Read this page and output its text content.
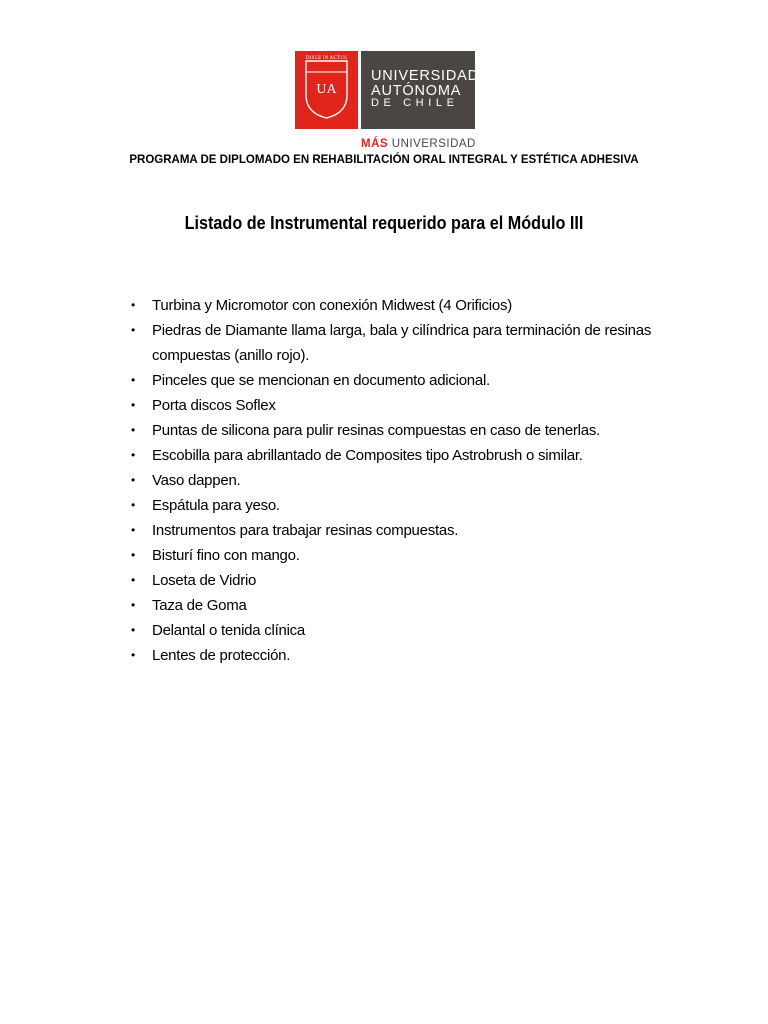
DISCE IN ACTUS
UA
UNIVERSIDAD
AUTÓNOMA
DE CHILE
MÁS UNIVERSIDAD
PROGRAMA DE DIPLOMADO EN REHABILITACIÓN ORAL INTEGRAL Y ESTÉTICA ADHESIVA
Listado de Instrumental requerido para el Módulo III
• Turbina y Micromotor con conexión Midwest (4 Orificios)
• Piedras de Diamante llama larga, bala y cilíndrica para terminación de resinas
compuestas (anillo rojo).
• Pinceles que se mencionan en documento adicional.
• Porta discos Soflex
• Puntas de silicona para pulir resinas compuestas en caso de tenerlas.
• Escobilla para abrillantado de Composites tipo Astrobrush o similar.
• Vaso dappen.
• Espátula para yeso.
• Instrumentos para trabajar resinas compuestas.
• Bisturí fino con mango.
• Loseta de Vidrio
• Taza de Goma
• Delantal o tenida clínica
• Lentes de protección.
